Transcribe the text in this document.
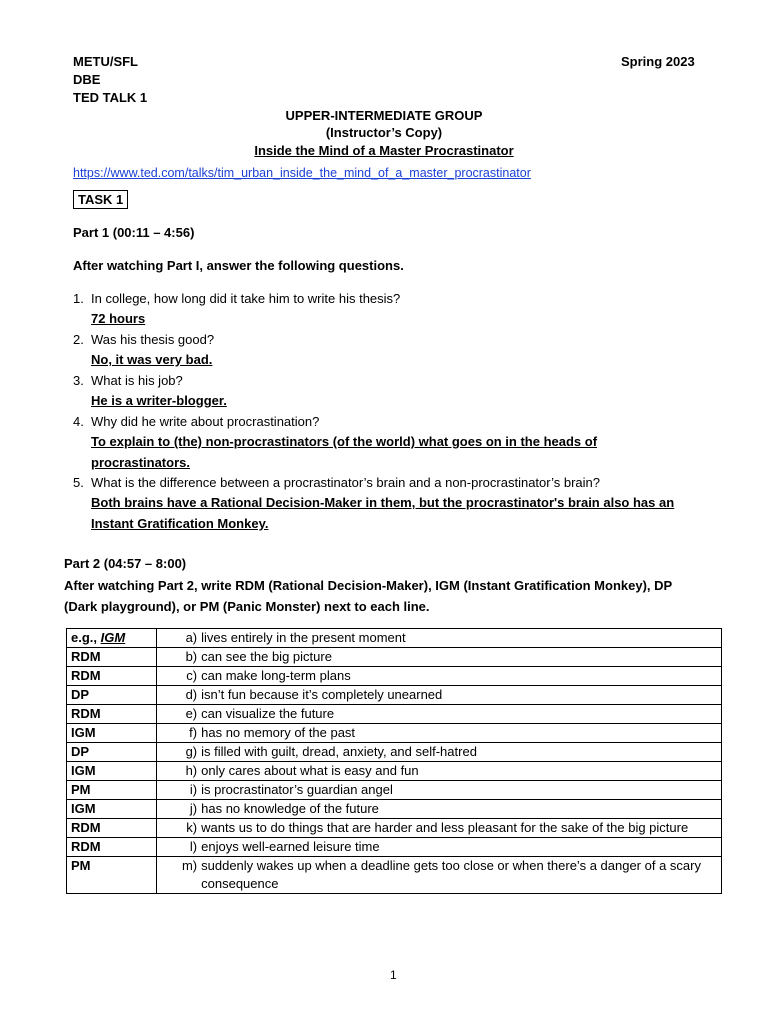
METU/SFL
DBE
TED TALK 1
Spring 2023
UPPER-INTERMEDIATE GROUP
(Instructor’s Copy)
Inside the Mind of a Master Procrastinator
https://www.ted.com/talks/tim_urban_inside_the_mind_of_a_master_procrastinator
TASK 1
Part 1 (00:11 – 4:56)
After watching Part I, answer the following questions.
1. In college, how long did it take him to write his thesis?
72 hours
2. Was his thesis good?
No, it was very bad.
3. What is his job?
He is a writer-blogger.
4. Why did he write about procrastination?
To explain to (the) non-procrastinators (of the world) what goes on in the heads of
procrastinators.
5. What is the difference between a procrastinator’s brain and a non-procrastinator’s brain?
Both brains have a Rational Decision-Maker in them, but the procrastinator's brain also has an
Instant Gratification Monkey.
Part 2 (04:57 – 8:00)
After watching Part 2, write RDM (Rational Decision-Maker), IGM (Instant Gratification Monkey), DP
(Dark playground), or PM (Panic Monster) next to each line.
e.g., IGM	a) lives entirely in the present moment

RDM	b) can see the big picture

RDM	c) can make long-term plans

DP	d) isn’t fun because it’s completely unearned

RDM	e) can visualize the future

IGM	f) has no memory of the past

DP	g) is filled with guilt, dread, anxiety, and self-hatred

IGM	h) only cares about what is easy and fun

PM	i) is procrastinator’s guardian angel

IGM	j) has no knowledge of the future

RDM	k) wants us to do things that are harder and less pleasant for the sake of the big picture

RDM	l) enjoys well-earned leisure time

PM	m) suddenly wakes up when a deadline gets too close or when there’s a danger of a scary consequence
1
